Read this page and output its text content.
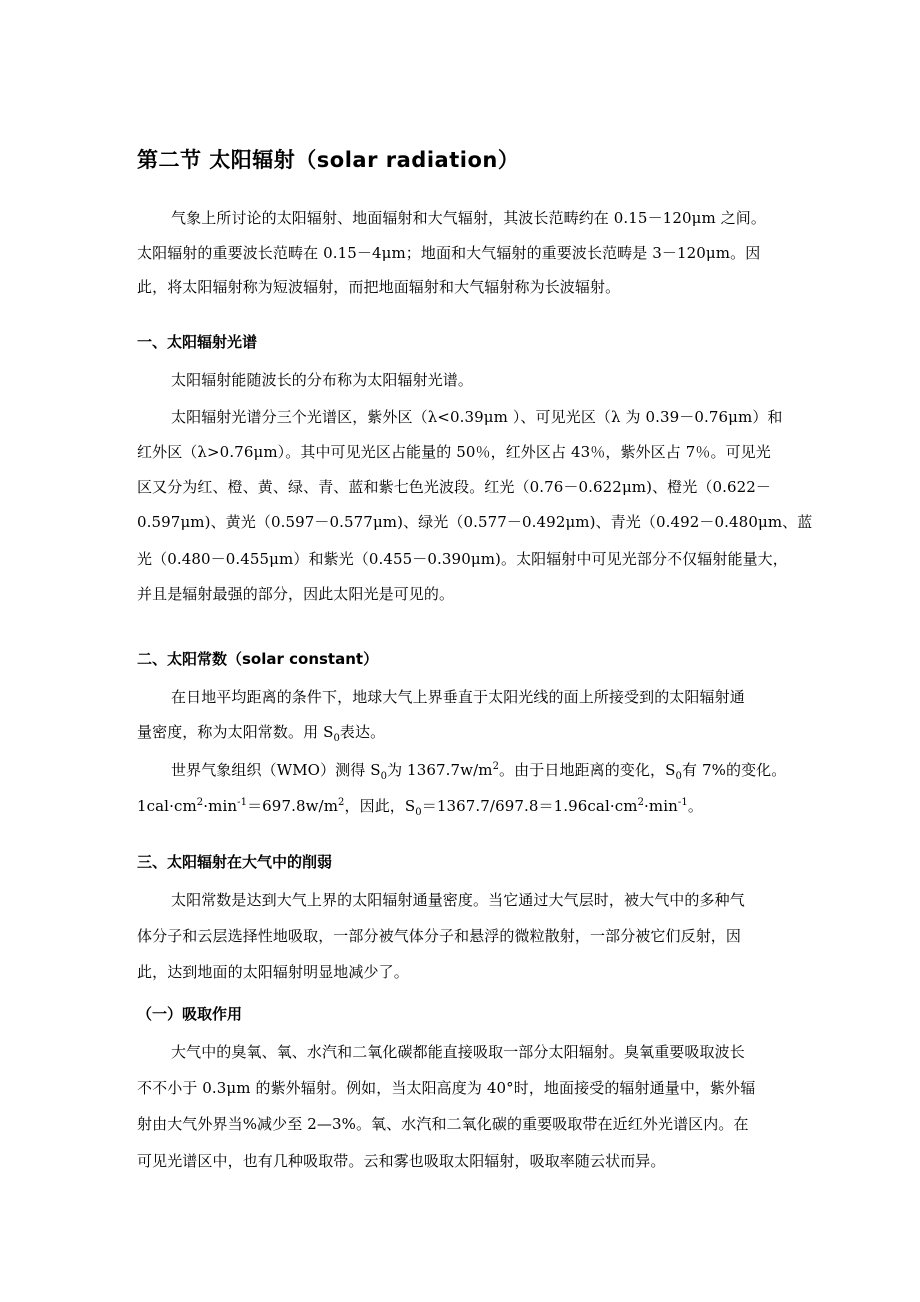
第二节 太阳辐射（solar radiation）
气象上所讨论的太阳辐射、地面辐射和大气辐射，其波长范畴约在 0.15－120μm 之间。
太阳辐射的重要波长范畴在 0.15－4μm；地面和大气辐射的重要波长范畴是 3－120μm。因
此，将太阳辐射称为短波辐射，而把地面辐射和大气辐射称为长波辐射。
一、太阳辐射光谱
太阳辐射能随波长的分布称为太阳辐射光谱。
太阳辐射光谱分三个光谱区，紫外区（λ<0.39μm ）、可见光区（λ 为 0.39－0.76μm）和
红外区（λ>0.76μm）。其中可见光区占能量的 50％，红外区占 43％，紫外区占 7％。可见光
区又分为红、橙、黄、绿、青、蓝和紫七色光波段。红光（0.76－0.622μm)、橙光（0.622－
0.597μm)、黄光（0.597－0.577μm)、绿光（0.577－0.492μm)、青光（0.492－0.480μm、蓝
光（0.480－0.455μm）和紫光（0.455－0.390μm)。太阳辐射中可见光部分不仅辐射能量大，
并且是辐射最强的部分，因此太阳光是可见的。
二、太阳常数（solar constant）
在日地平均距离的条件下，地球大气上界垂直于太阳光线的面上所接受到的太阳辐射通
量密度，称为太阳常数。用 $S_0$表达。
世界气象组织（WMO）测得 $S_0$为 $1367.7w/m^2$。由于日地距离的变化，$S_0$有 7%的变化。
$1cal\cdot cm^2\cdot\min^{-1}=697.8w/m^2$，因此，$S_0=1367.7/697.8=1.96cal\cdot cm^2\cdot\min^{-1}$。
三、太阳辐射在大气中的削弱
太阳常数是达到大气上界的太阳辐射通量密度。当它通过大气层时，被大气中的多种气
体分子和云层选择性地吸取，一部分被气体分子和悬浮的微粒散射，一部分被它们反射，因
此，达到地面的太阳辐射明显地减少了。
（一）吸取作用
大气中的臭氧、氧、水汽和二氧化碳都能直接吸取一部分太阳辐射。臭氧重要吸取波长
不不小于 0.3μm 的紫外辐射。例如，当太阳高度为 40°时，地面接受的辐射通量中，紫外辐
射由大气外界当%减少至 2—3%。氧、水汽和二氧化碳的重要吸取带在近红外光谱区内。在
可见光谱区中，也有几种吸取带。云和雾也吸取太阳辐射，吸取率随云状而异。
